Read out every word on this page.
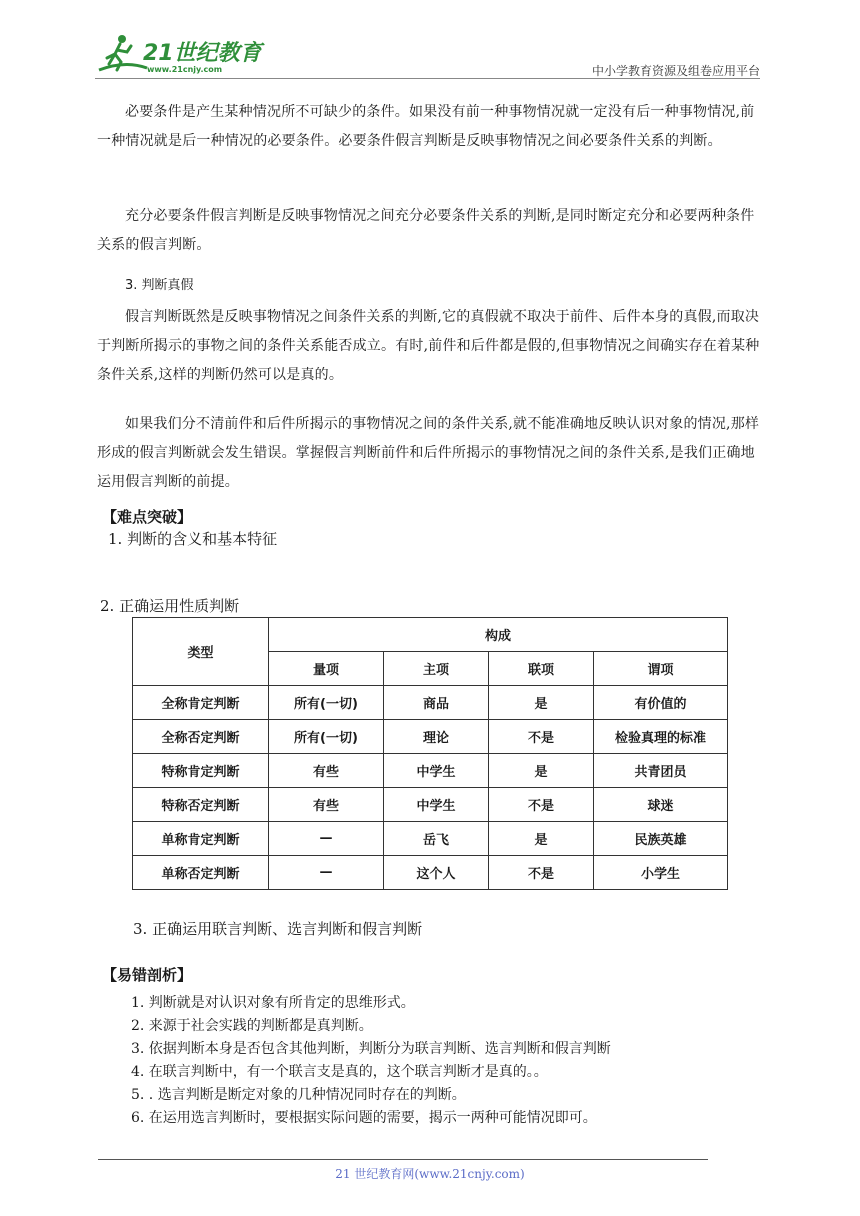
21世纪教育
www.21cnjy.com	中小学教育资源及组卷应用平台

必要条件是产生某种情况所不可缺少的条件。如果没有前一种事物情况就一定没有后一种事物情况,前一种情况就是后一种情况的必要条件。必要条件假言判断是反映事物情况之间必要条件关系的判断。

充分必要条件假言判断是反映事物情况之间充分必要条件关系的判断,是同时断定充分和必要两种条件关系的假言判断。

3. 判断真假

假言判断既然是反映事物情况之间条件关系的判断,它的真假就不取决于前件、后件本身的真假,而取决于判断所揭示的事物之间的条件关系能否成立。有时,前件和后件都是假的,但事物情况之间确实存在着某种条件关系,这样的判断仍然可以是真的。

如果我们分不清前件和后件所揭示的事物情况之间的条件关系,就不能准确地反映认识对象的情况,那样形成的假言判断就会发生错误。掌握假言判断前件和后件所揭示的事物情况之间的条件关系,是我们正确地运用假言判断的前提。

【难点突破】
1. 判断的含义和基本特征
2. 正确运用性质判断
类型	构成			
	量项	主项	联项	谓项
全称肯定判断	所有(一切)	商品	是	有价值的
全称否定判断	所有(一切)	理论	不是	检验真理的标准
特称肯定判断	有些	中学生	是	共青团员
特称否定判断	有些	中学生	不是	球迷
单称肯定判断	—	岳飞	是	民族英雄
单称否定判断	—	这个人	不是	小学生
3. 正确运用联言判断、选言判断和假言判断
【易错剖析】
1. 判断就是对认识对象有所肯定的思维形式。
2. 来源于社会实践的判断都是真判断。
3. 依据判断本身是否包含其他判断，判断分为联言判断、选言判断和假言判断
4. 在联言判断中，有一个联言支是真的，这个联言判断才是真的。。
5. . 选言判断是断定对象的几种情况同时存在的判断。
6. 在运用选言判断时，要根据实际问题的需要，揭示一两种可能情况即可。
21 世纪教育网(www.21cnjy.com)
